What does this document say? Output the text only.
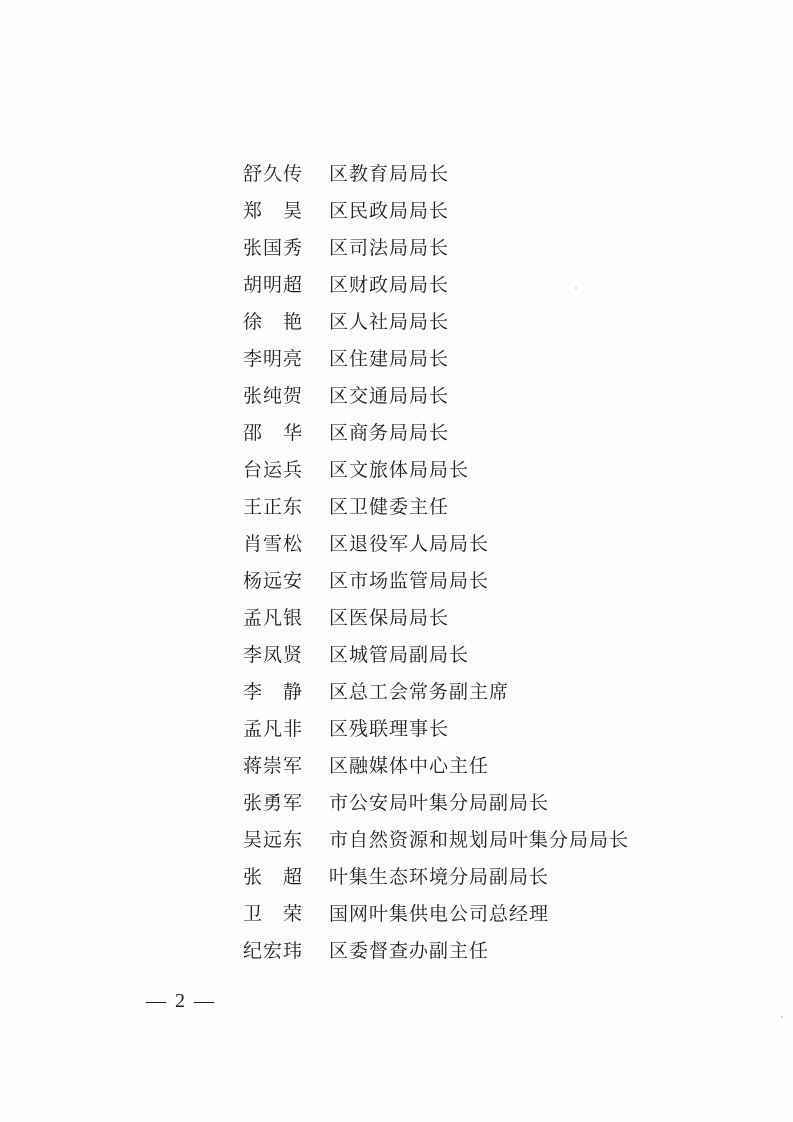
舒久传	区教育局局长
郑　昊	区民政局局长
张国秀	区司法局局长
胡明超	区财政局局长
徐　艳	区人社局局长
李明亮	区住建局局长
张纯贺	区交通局局长
邵　华	区商务局局长
台运兵	区文旅体局局长
王正东	区卫健委主任
肖雪松	区退役军人局局长
杨远安	区市场监管局局长
孟凡银	区医保局局长
李凤贤	区城管局副局长
李　静	区总工会常务副主席
孟凡非	区残联理事长
蒋崇军	区融媒体中心主任
张勇军	市公安局叶集分局副局长
吴远东	市自然资源和规划局叶集分局局长
张　超	叶集生态环境分局副局长
卫　荣	国网叶集供电公司总经理
纪宏玮	区委督查办副主任
— 2 —
